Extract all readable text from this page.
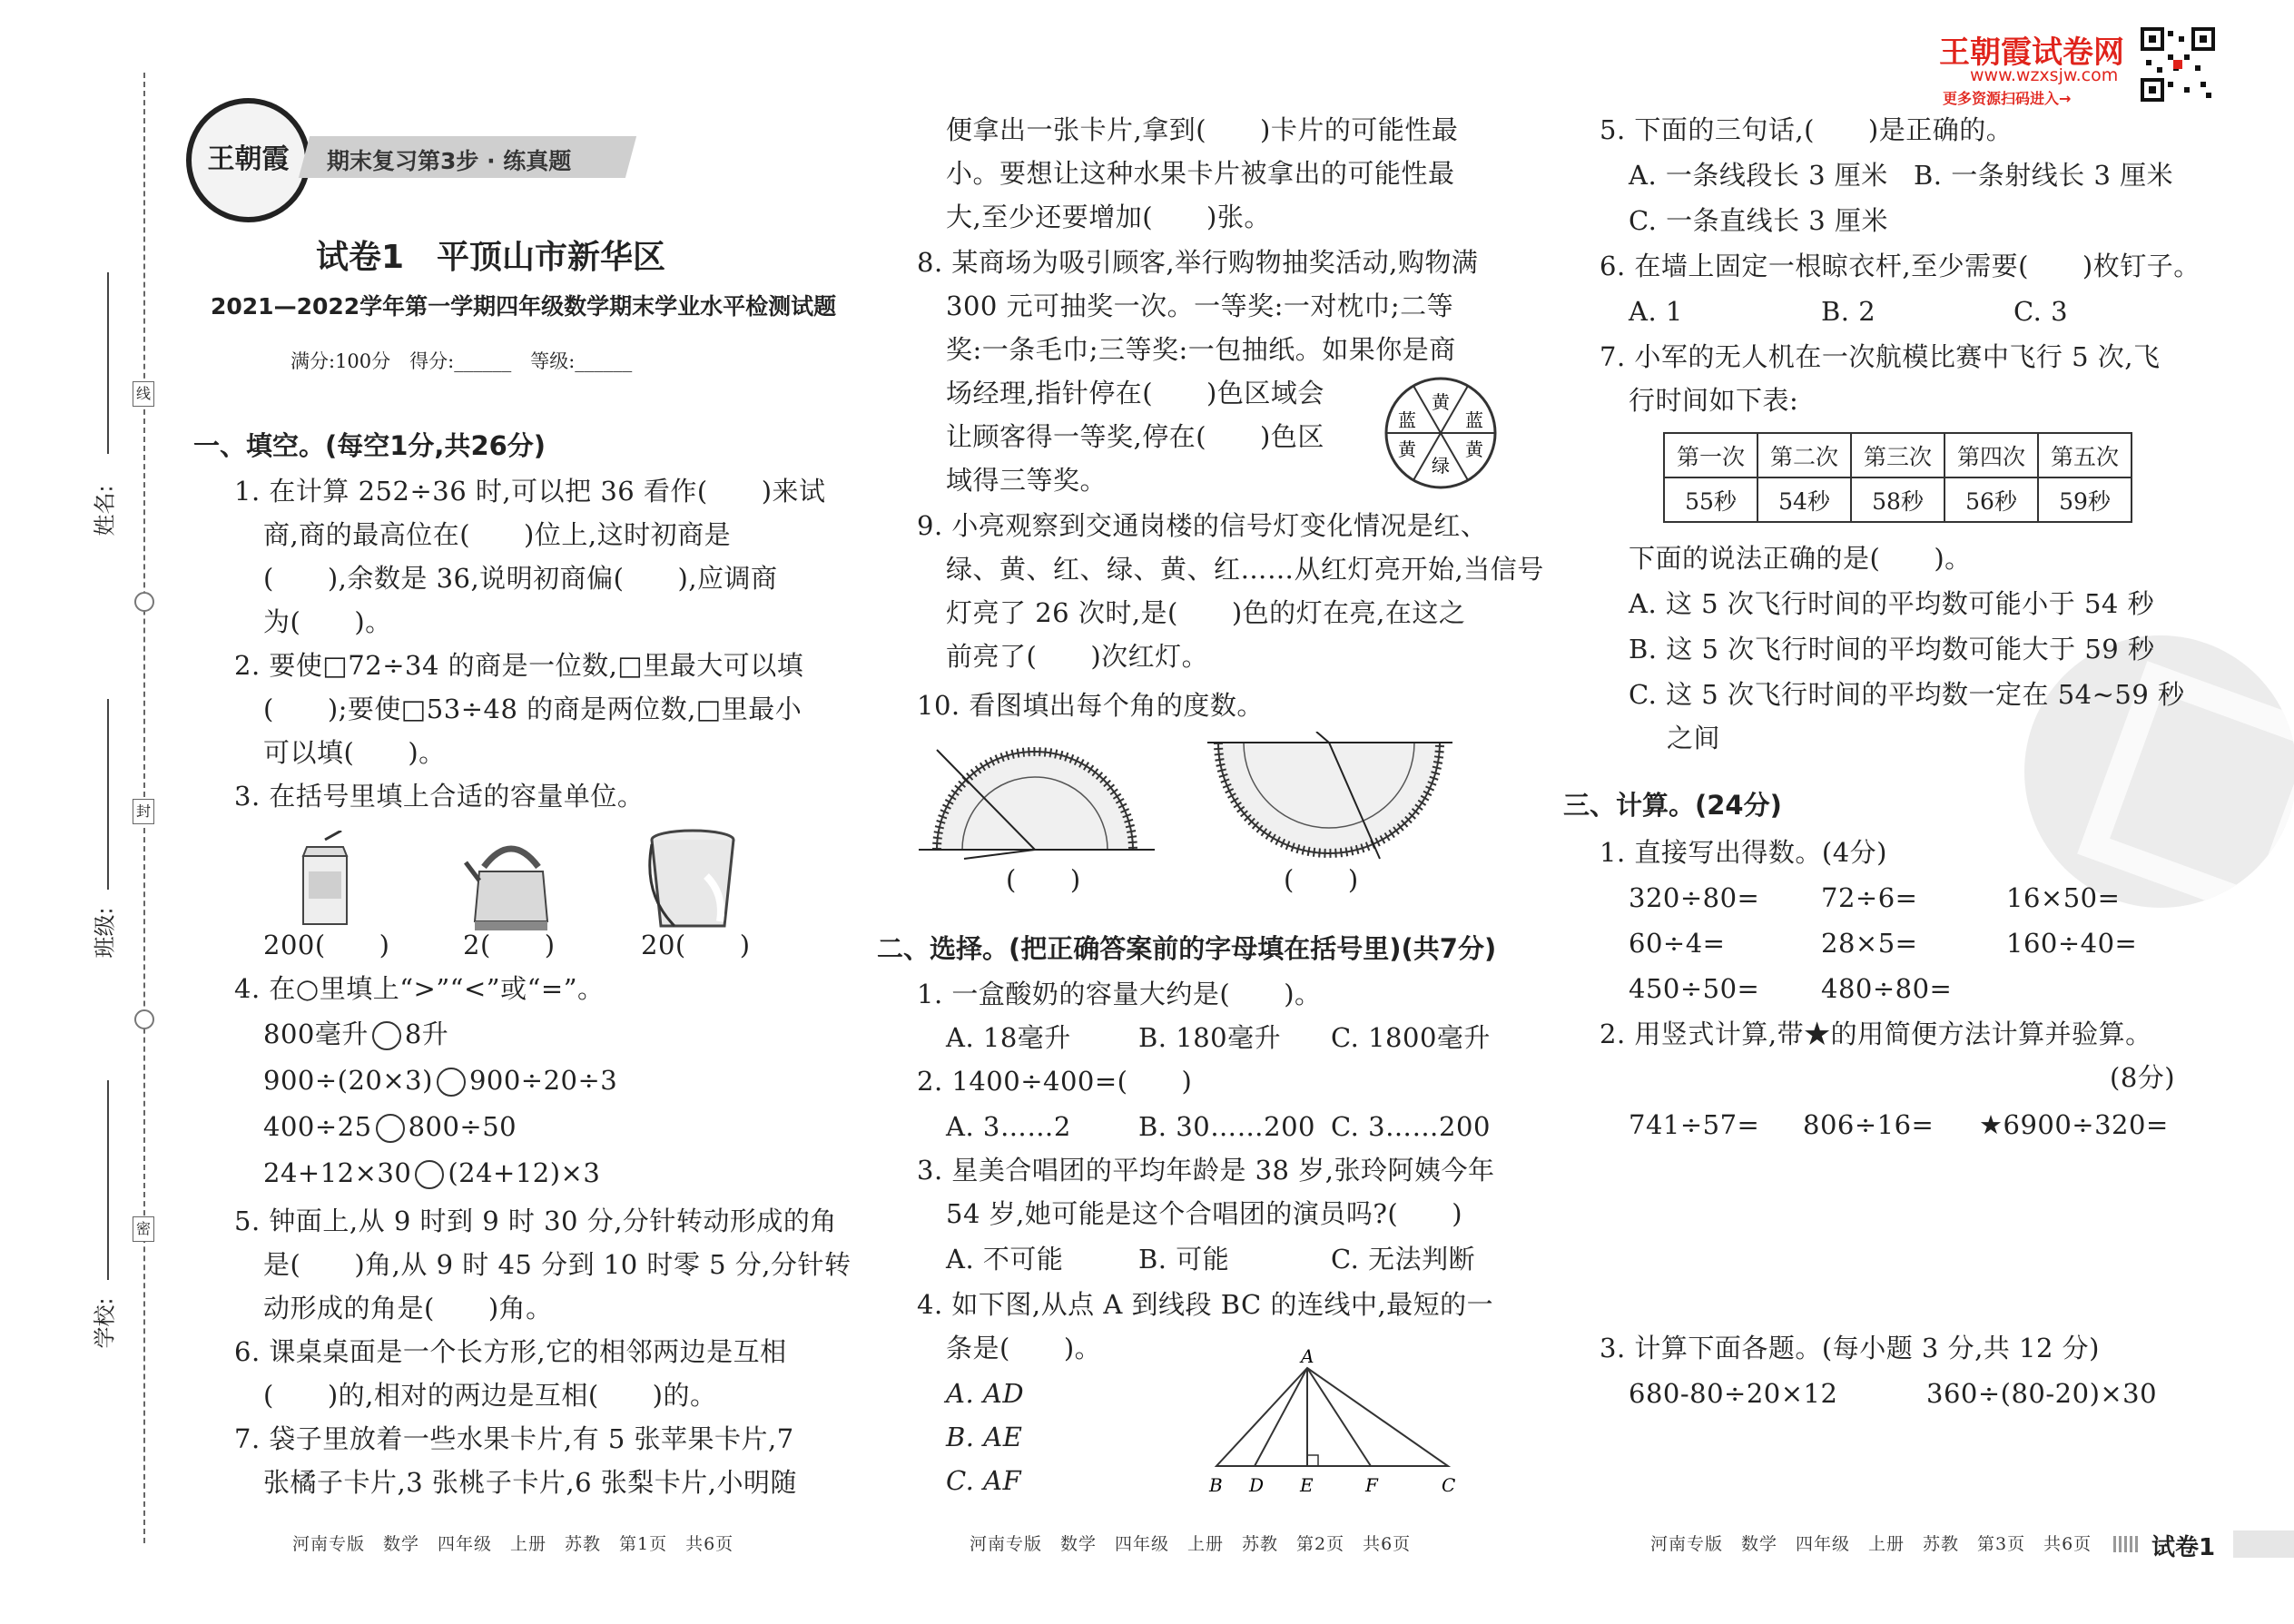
姓名:
班级:
学校:
线
封
密
王朝霞	期末复习第3步 · 练真题
试卷1　平顶山市新华区
2021—2022学年第一学期四年级数学期末学业水平检测试题
满分:100分　得分:______　等级:______
一、填空。(每空1分,共26分)
1. 在计算 252÷36 时,可以把 36 看作(　　)来试
商,商的最高位在(　　)位上,这时初商是
(　　),余数是 36,说明初商偏(　　),应调商
为(　　)。
2. 要使□72÷34 的商是一位数,□里最大可以填
(　　);要使□53÷48 的商是两位数,□里最小
可以填(　　)。
3. 在括号里填上合适的容量单位。
200(　　)	2(　　)	20(　　)
4. 在○里填上“>”“<”或“=”。
800毫升 8升
900÷(20×3) 900÷20÷3
400÷25 800÷50
24+12×30 (24+12)×3
5. 钟面上,从 9 时到 9 时 30 分,分针转动形成的角
是(　　)角,从 9 时 45 分到 10 时零 5 分,分针转
动形成的角是(　　)角。
6. 课桌桌面是一个长方形,它的相邻两边是互相
(　　)的,相对的两边是互相(　　)的。
7. 袋子里放着一些水果卡片,有 5 张苹果卡片,7
张橘子卡片,3 张桃子卡片,6 张梨卡片,小明随
河南专版　数学　四年级　上册　苏教　第1页　共6页
便拿出一张卡片,拿到(　　)卡片的可能性最
小。要想让这种水果卡片被拿出的可能性最
大,至少还要增加(　　)张。
8. 某商场为吸引顾客,举行购物抽奖活动,购物满
300 元可抽奖一次。一等奖:一对枕巾;二等
奖:一条毛巾;三等奖:一包抽纸。如果你是商
场经理,指针停在(　　)色区域会
让顾客得一等奖,停在(　　)色区
域得三等奖。
黄
蓝
黄
绿
黄
蓝
9. 小亮观察到交通岗楼的信号灯变化情况是红、
绿、黄、红、绿、黄、红……从红灯亮开始,当信号
灯亮了 26 次时,是(　　)色的灯在亮,在这之
前亮了(　　)次红灯。
10. 看图填出每个角的度数。
(　　)	(　　)
二、选择。(把正确答案前的字母填在括号里)(共7分)
1. 一盒酸奶的容量大约是(　　)。
A. 18毫升	B. 180毫升 C. 1800毫升
2. 1400÷400=(　　)
A. 3……2	B. 30……200 C. 3……200
3. 星美合唱团的平均年龄是 38 岁,张玲阿姨今年
54 岁,她可能是这个合唱团的演员吗?(　　)
A. 不可能	B. 可能	C. 无法判断
4. 如下图,从点 A 到线段 BC 的连线中,最短的一
条是(　　)。
A. AD
B. AE
C. AF
A
B D E	F	C
河南专版　数学　四年级　上册　苏教　第2页　共6页
王朝霞试卷网
www.wzxsjw.com
更多资源扫码进入→
5. 下面的三句话,(　　)是正确的。
A. 一条线段长 3 厘米 B. 一条射线长 3 厘米
C. 一条直线长 3 厘米
6. 在墙上固定一根晾衣杆,至少需要(　　)枚钉子。
A. 1	B. 2	C. 3
7. 小军的无人机在一次航模比赛中飞行 5 次,飞
行时间如下表:
第一次	第二次	第三次	第四次	第五次
55秒	54秒	58秒	56秒	59秒
下面的说法正确的是(　　)。
A. 这 5 次飞行时间的平均数可能小于 54 秒
B. 这 5 次飞行时间的平均数可能大于 59 秒
C. 这 5 次飞行时间的平均数一定在 54~59 秒
之间
三、计算。(24分)
1. 直接写出得数。(4分)
320÷80= 72÷6=	16×50=
60÷4=	28×5=	160÷40=
450÷50= 480÷80=
2. 用竖式计算,带★的用简便方法计算并验算。
(8分)
741÷57= 806÷16= ★6900÷320=
3. 计算下面各题。(每小题 3 分,共 12 分)
680-80÷20×12	360÷(80-20)×30
河南专版　数学　四年级　上册　苏教　第3页　共6页	试卷1
